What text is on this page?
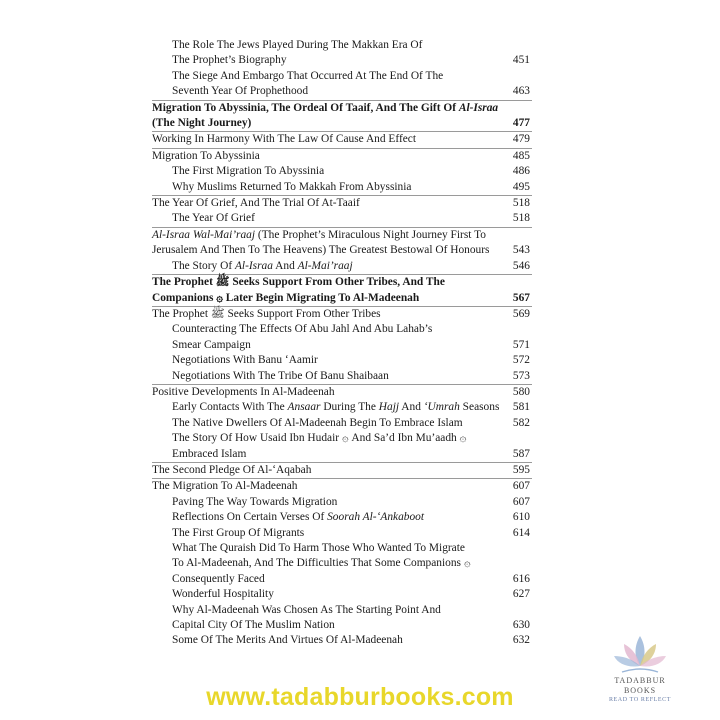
The Role The Jews Played During The Makkan Era Of
The Prophet’s Biography	451
The Siege And Embargo That Occurred At The End Of The
Seventh Year Of Prophethood	463
Migration To Abyssinia, The Ordeal Of Taaif, And The Gift Of Al-Israa
(The Night Journey)	477
Working In Harmony With The Law Of Cause And Effect	479
Migration To Abyssinia	485
The First Migration To Abyssinia	486
Why Muslims Returned To Makkah From Abyssinia	495
The Year Of Grief, And The Trial Of At-Taaif	518
The Year Of Grief	518
Al-Israa Wal-Mai’raaj (The Prophet’s Miraculous Night Journey First To
Jerusalem And Then To The Heavens) The Greatest Bestowal Of Honours 543
The Story Of Al-Israa And Al-Mai’raaj	546
The Prophet ﷺ Seeks Support From Other Tribes, And The
Companions ۞ Later Begin Migrating To Al-Madeenah	567
The Prophet ﷺ Seeks Support From Other Tribes	569
Counteracting The Effects Of Abu Jahl And Abu Lahab’s
Smear Campaign	571
Negotiations With Banu ‘Aamir	572
Negotiations With The Tribe Of Banu Shaibaan	573
Positive Developments In Al-Madeenah	580
Early Contacts With The Ansaar During The Hajj And ‘Umrah Seasons 581
The Native Dwellers Of Al-Madeenah Begin To Embrace Islam	582
The Story Of How Usaid Ibn Hudair ۞ And Sa’d Ibn Mu’aadh ۞
Embraced Islam	587
The Second Pledge Of Al-‘Aqabah	595
The Migration To Al-Madeenah	607
Paving The Way Towards Migration	607
Reflections On Certain Verses Of Soorah Al-‘Ankaboot	610
The First Group Of Migrants	614
What The Quraish Did To Harm Those Who Wanted To Migrate
To Al-Madeenah, And The Difficulties That Some Companions ۞
Consequently Faced	616
Wonderful Hospitality	627
Why Al-Madeenah Was Chosen As The Starting Point And
Capital City Of The Muslim Nation	630
Some Of The Merits And Virtues Of Al-Madeenah	632
TADABBUR BOOKS
READ TO REFLECT
www.tadabburbooks.com
